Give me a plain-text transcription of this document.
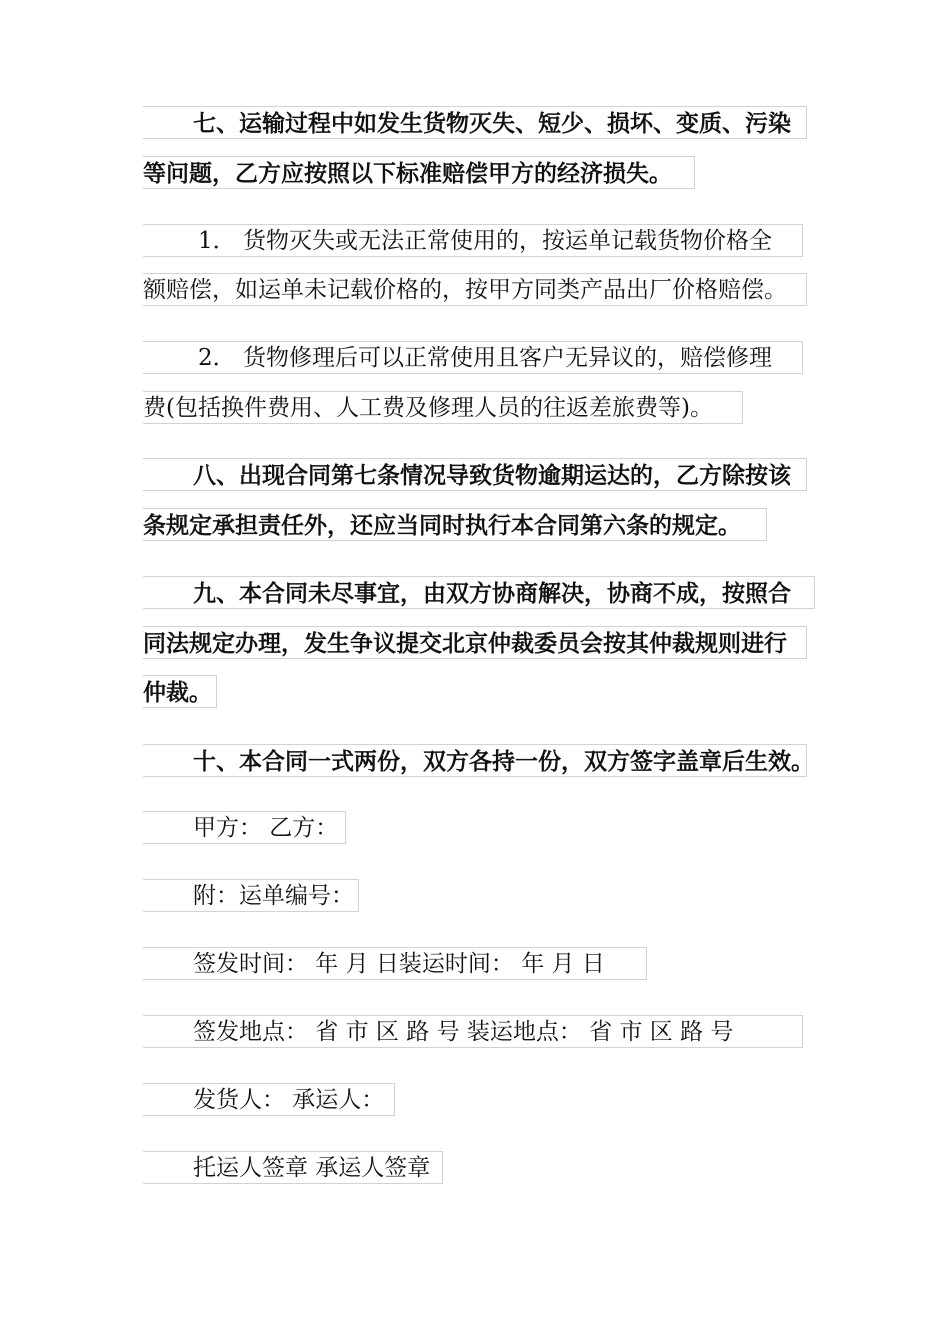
七、运输过程中如发生货物灭失、短少、损坏、变质、污染
等问题，乙方应按照以下标准赔偿甲方的经济损失。
1． 货物灭失或无法正常使用的，按运单记载货物价格全
额赔偿，如运单未记载价格的，按甲方同类产品出厂价格赔偿。
2． 货物修理后可以正常使用且客户无异议的，赔偿修理
费(包括换件费用、人工费及修理人员的往返差旅费等)。
八、出现合同第七条情况导致货物逾期运达的，乙方除按该
条规定承担责任外，还应当同时执行本合同第六条的规定。
九、本合同未尽事宜，由双方协商解决，协商不成，按照合
同法规定办理，发生争议提交北京仲裁委员会按其仲裁规则进行
仲裁。
十、本合同一式两份，双方各持一份，双方签字盖章后生效。
甲方： 乙方：
附：运单编号：
签发时间： 年 月 日装运时间： 年 月 日
签发地点： 省 市 区 路 号 装运地点： 省 市 区 路 号
发货人： 承运人：
托运人签章 承运人签章
